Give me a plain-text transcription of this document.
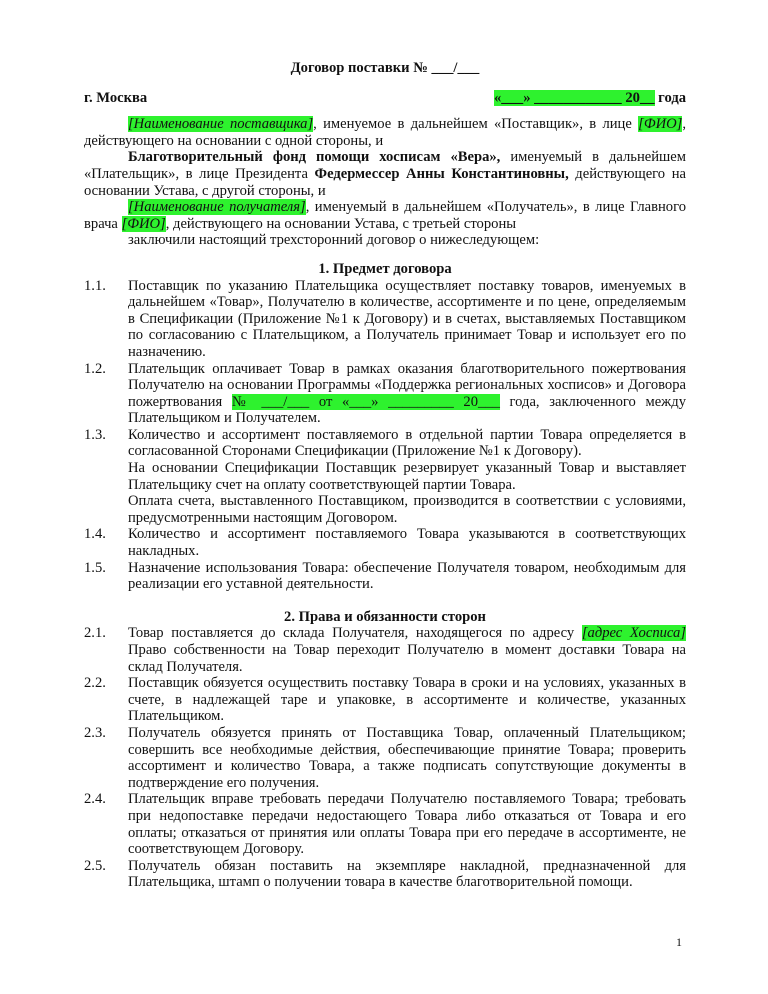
Договор поставки № ___/___
г. Москва	«___» ____________ 20__ года

[Наименование поставщика], именуемое в дальнейшем «Поставщик», в лице [ФИО], действующего на основании с одной стороны, и

Благотворительный фонд помощи хосписам «Вера», именуемый в дальнейшем «Плательщик», в лице Президента Федермессер Анны Константиновны, действующего на основании Устава, с другой стороны, и

[Наименование получателя], именуемый в дальнейшем «Получатель», в лице Главного врача [ФИО], действующего на основании Устава, с третьей стороны

заключили настоящий трехсторонний договор о нижеследующем:

1. Предмет договора
1.1.	Поставщик по указанию Плательщика осуществляет поставку товаров, именуемых в дальнейшем «Товар», Получателю в количестве, ассортименте и по цене, определяемым в Спецификации (Приложение №1 к Договору) и в счетах, выставляемых Поставщиком по согласованию с Плательщиком, а Получатель принимает Товар и использует его по назначению.
1.2.	Плательщик оплачивает Товар в рамках оказания благотворительного пожертвования Получателю на основании Программы «Поддержка региональных хосписов» и Договора пожертвования № ___/___ от «___» _________ 20___ года, заключенного между Плательщиком и Получателем.
1.3.	Количество и ассортимент поставляемого в отдельной партии Товара определяется в согласованной Сторонами Спецификации (Приложение №1 к Договору).
На основании Спецификации Поставщик резервирует указанный Товар и выставляет Плательщику счет на оплату соответствующей партии Товара.
Оплата счета, выставленного Поставщиком, производится в соответствии с условиями, предусмотренными настоящим Договором.
1.4.	Количество и ассортимент поставляемого Товара указываются в соответствующих накладных.
1.5.	Назначение использования Товара: обеспечение Получателя товаром, необходимым для реализации его уставной деятельности.
2. Права и обязанности сторон
2.1.	Товар поставляется до склада Получателя, находящегося по адресу [адрес Хосписа] Право собственности на Товар переходит Получателю в момент доставки Товара на склад Получателя.
2.2.	Поставщик обязуется осуществить поставку Товара в сроки и на условиях, указанных в счете, в надлежащей таре и упаковке, в ассортименте и количестве, указанных Плательщиком.
2.3.	Получатель обязуется принять от Поставщика Товар, оплаченный Плательщиком; совершить все необходимые действия, обеспечивающие принятие Товара; проверить ассортимент и количество Товара, а также подписать сопутствующие документы в подтверждение его получения.
2.4.	Плательщик вправе требовать передачи Получателю поставляемого Товара; требовать при недопоставке передачи недостающего Товара либо отказаться от Товара и его оплаты; отказаться от принятия или оплаты Товара при его передаче в ассортименте, не соответствующем Договору.
2.5.	Получатель обязан поставить на экземпляре накладной, предназначенной для Плательщика, штамп о получении товара в качестве благотворительной помощи.
1
